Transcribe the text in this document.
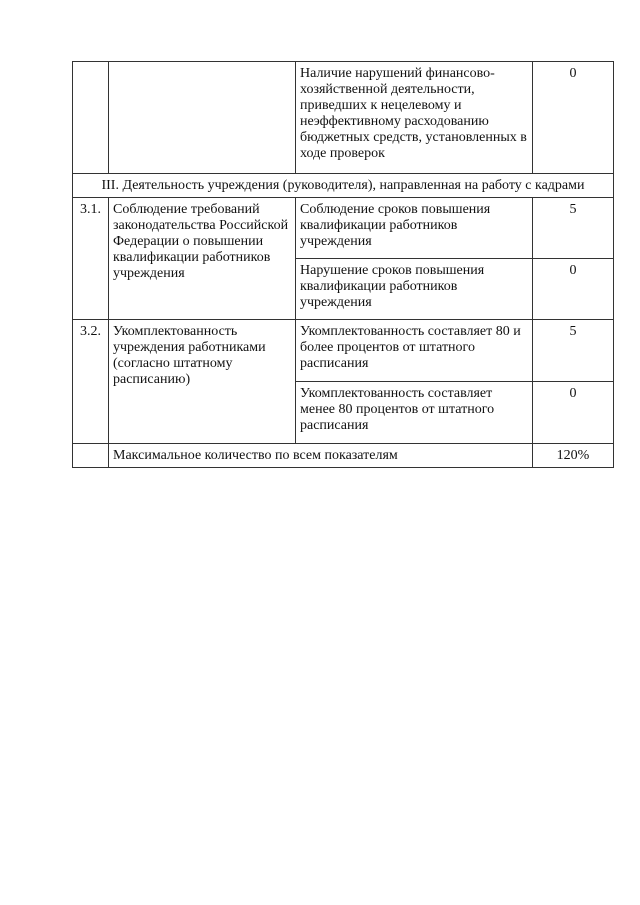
		Наличие нарушений финансово-хозяйственной деятельности, приведших к нецелевому и неэффективному расходованию бюджетных средств, установленных в ходе проверок	0
III. Деятельность учреждения (руководителя), направленная на работу с кадрами			
3.1.	Соблюдение требований законодательства Российской Федерации о повышении квалификации работников учреждения	Соблюдение сроков повышения квалификации работников учреждения	5
		Нарушение сроков повышения квалификации работников учреждения	0
3.2.	Укомплектованность учреждения работниками (согласно штатному расписанию)	Укомплектованность составляет 80 и более процентов от штатного расписания	5
		Укомплектованность составляет менее 80 процентов от штатного расписания	0
	Максимальное количество по всем показателям		120%
